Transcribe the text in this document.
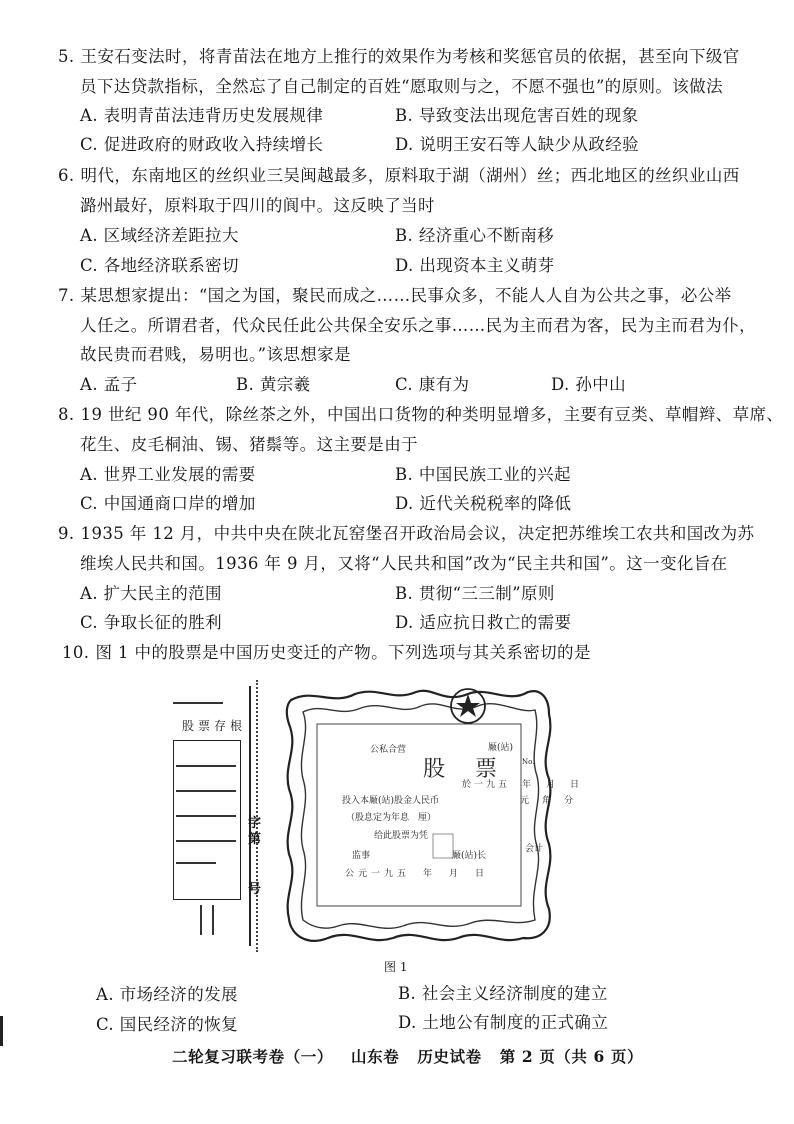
5. 王安石变法时，将青苗法在地方上推行的效果作为考核和奖惩官员的依据，甚至向下级官
员下达贷款指标，全然忘了自己制定的百姓“愿取则与之，不愿不强也”的原则。该做法
A. 表明青苗法违背历史发展规律	B. 导致变法出现危害百姓的现象
C. 促进政府的财政收入持续增长	D. 说明王安石等人缺少从政经验
6. 明代，东南地区的丝织业三吴闽越最多，原料取于湖（湖州）丝；西北地区的丝织业山西
潞州最好，原料取于四川的阆中。这反映了当时
A. 区域经济差距拉大	B. 经济重心不断南移
C. 各地经济联系密切	D. 出现资本主义萌芽
7. 某思想家提出：“国之为国，聚民而成之……民事众多，不能人人自为公共之事，必公举
人任之。所谓君者，代众民任此公共保全安乐之事……民为主而君为客，民为主而君为仆，
故民贵而君贱，易明也。”该思想家是
A. 孟子	B. 黄宗羲	C. 康有为	D. 孙中山
8. 19 世纪 90 年代，除丝茶之外，中国出口货物的种类明显增多，主要有豆类、草帽辫、草席、
花生、皮毛桐油、锡、猪鬃等。这主要是由于
A. 世界工业发展的需要	B. 中国民族工业的兴起
C. 中国通商口岸的增加	D. 近代关税税率的降低
9. 1935 年 12 月，中共中央在陕北瓦窑堡召开政治局会议，决定把苏维埃工农共和国改为苏
维埃人民共和国。1936 年 9 月，又将“人民共和国”改为“民主共和国”。这一变化旨在
A. 扩大民主的范围	B. 贯彻“三三制”原则
C. 争取长征的胜利	D. 适应抗日救亡的需要
10. 图 1 中的股票是中国历史变迁的产物。下列选项与其关系密切的是
股票存根
字
第
号
公私合营	厰(站)
股　票	No.
於一九五　年　月　日
投入本厰(站)股金人民币	元　角　分
（股息定为年息　厘）
给此股票为凭
监事	厰(站)长
会计
公元一九五　年　月　日
图 1
A. 市场经济的发展	B. 社会主义经济制度的建立
C. 国民经济的恢复	D. 土地公有制度的正式确立
二轮复习联考卷（一） 山东卷 历史试卷 第 2 页（共 6 页）
